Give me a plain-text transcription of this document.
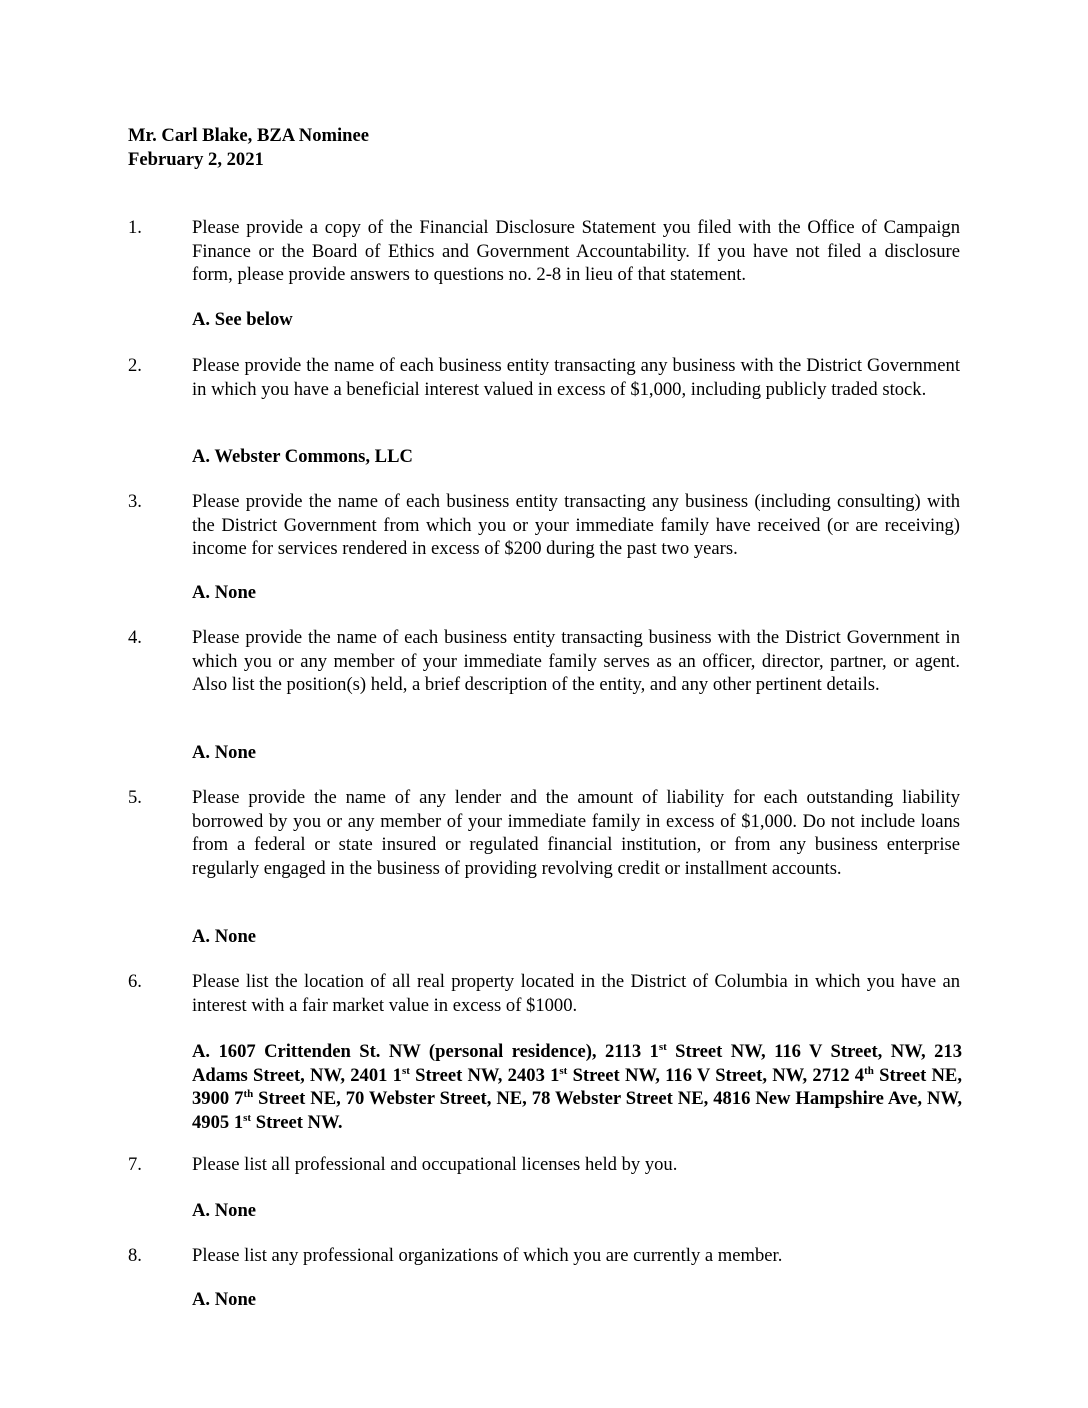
Mr. Carl Blake, BZA Nominee
February 2, 2021
1.	Please provide a copy of the Financial Disclosure Statement you filed with the Office of Campaign Finance or the Board of Ethics and Government Accountability. If you have not filed a disclosure form, please provide answers to questions no. 2-8 in lieu of that statement.
A. See below
2.	Please provide the name of each business entity transacting any business with the District Government in which you have a beneficial interest valued in excess of $1,000, including publicly traded stock.
A. Webster Commons, LLC
3.	Please provide the name of each business entity transacting any business (including consulting) with the District Government from which you or your immediate family have received (or are receiving) income for services rendered in excess of $200 during the past two years.
A. None
4.	Please provide the name of each business entity transacting business with the District Government in which you or any member of your immediate family serves as an officer, director, partner, or agent. Also list the position(s) held, a brief description of the entity, and any other pertinent details.
A. None
5.	Please provide the name of any lender and the amount of liability for each outstanding liability borrowed by you or any member of your immediate family in excess of $1,000. Do not include loans from a federal or state insured or regulated financial institution, or from any business enterprise regularly engaged in the business of providing revolving credit or installment accounts.
A. None
6.	Please list the location of all real property located in the District of Columbia in which you have an interest with a fair market value in excess of $1000.
A. 1607 Crittenden St. NW (personal residence), 2113 1st Street NW, 116 V Street, NW, 213 Adams Street, NW, 2401 1st Street NW, 2403 1st Street NW, 116 V Street, NW, 2712 4th Street NE, 3900 7th Street NE, 70 Webster Street, NE, 78 Webster Street NE, 4816 New Hampshire Ave, NW, 4905 1st Street NW.
7.	Please list all professional and occupational licenses held by you.
A. None
8.	Please list any professional organizations of which you are currently a member.
A. None
